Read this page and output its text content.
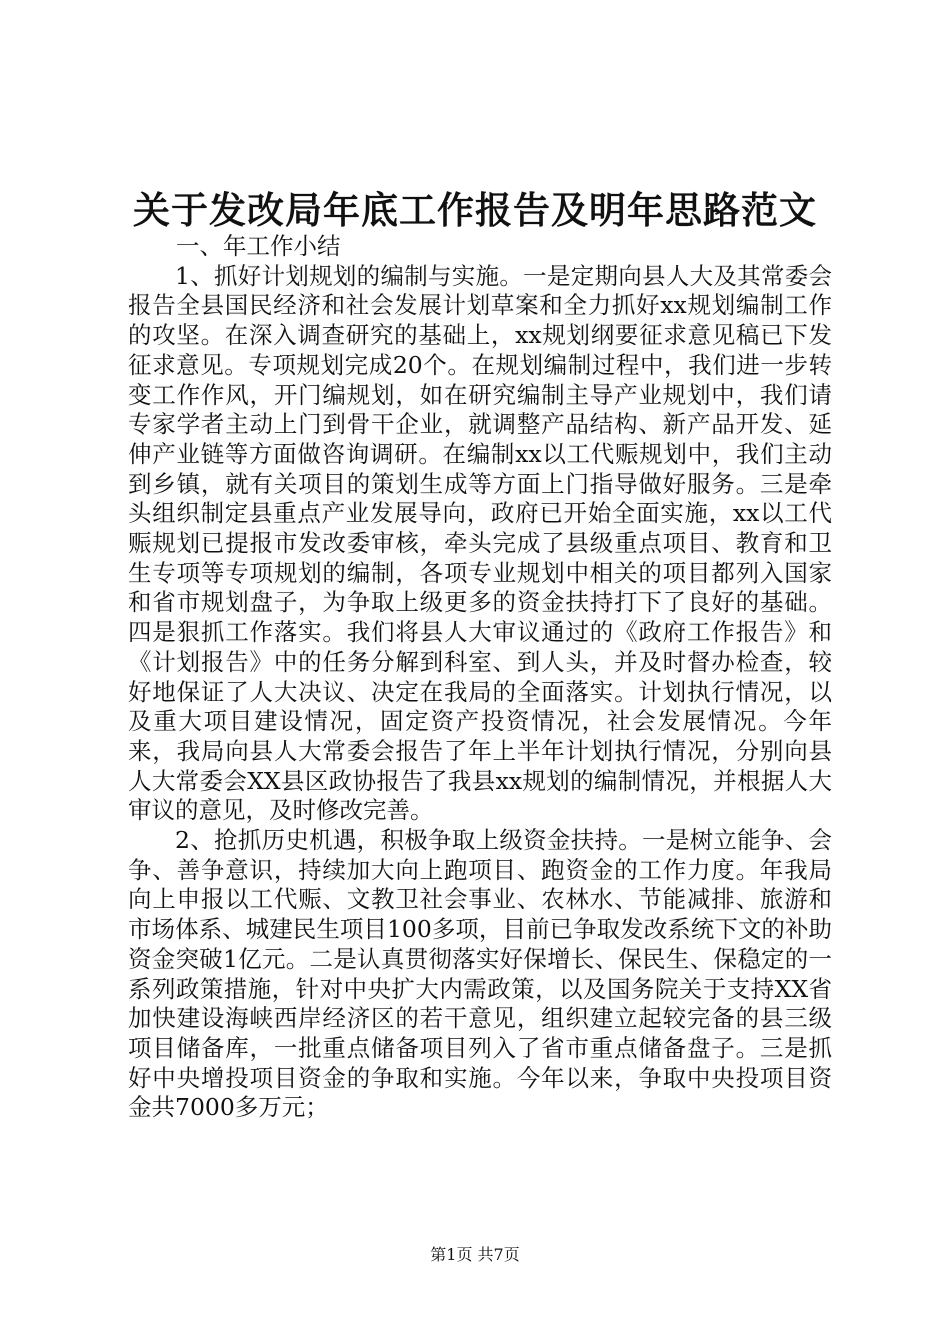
关于发改局年底工作报告及明年思路范文
一、年工作小结

1、抓好计划规划的编制与实施。一是定期向县人大及其常委会报告全县国民经济和社会发展计划草案和全力抓好xx规划编制工作的攻坚。在深入调查研究的基础上，xx规划纲要征求意见稿已下发征求意见。专项规划完成20个。在规划编制过程中，我们进一步转变工作作风，开门编规划，如在研究编制主导产业规划中，我们请专家学者主动上门到骨干企业，就调整产品结构、新产品开发、延伸产业链等方面做咨询调研。在编制xx以工代赈规划中，我们主动到乡镇，就有关项目的策划生成等方面上门指导做好服务。三是牵头组织制定县重点产业发展导向，政府已开始全面实施，xx以工代赈规划已提报市发改委审核，牵头完成了县级重点项目、教育和卫生专项等专项规划的编制，各项专业规划中相关的项目都列入国家和省市规划盘子，为争取上级更多的资金扶持打下了良好的基础。四是狠抓工作落实。我们将县人大审议通过的《政府工作报告》和《计划报告》中的任务分解到科室、到人头，并及时督办检查，较好地保证了人大决议、决定在我局的全面落实。计划执行情况，以及重大项目建设情况，固定资产投资情况，社会发展情况。今年来，我局向县人大常委会报告了年上半年计划执行情况，分别向县人大常委会XX县区政协报告了我县xx规划的编制情况，并根据人大审议的意见，及时修改完善。

2、抢抓历史机遇，积极争取上级资金扶持。一是树立能争、会争、善争意识，持续加大向上跑项目、跑资金的工作力度。年我局向上申报以工代赈、文教卫社会事业、农林水、节能减排、旅游和市场体系、城建民生项目100多项，目前已争取发改系统下文的补助资金突破1亿元。二是认真贯彻落实好保增长、保民生、保稳定的一系列政策措施，针对中央扩大内需政策，以及国务院关于支持XX省加快建设海峡西岸经济区的若干意见，组织建立起较完备的县三级项目储备库，一批重点储备项目列入了省市重点储备盘子。三是抓好中央增投项目资金的争取和实施。今年以来，争取中央投项目资金共7000多万元；

第1页 共7页
